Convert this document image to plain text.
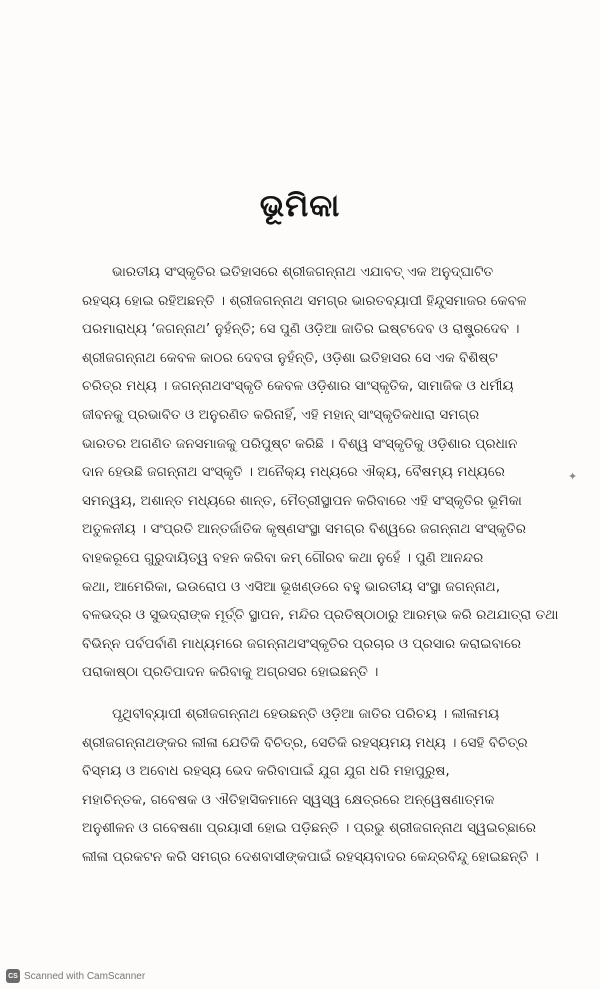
ଭୂମିକା
ଭାରତୀୟ ସଂସ୍କୃତିର ଇତିହାସରେ ଶ୍ରୀଜଗନ୍ନାଥ ଏଯାବତ୍ ଏକ ଅନୁଦ୍‌ଘାଟିତ
ରହସ୍ୟ ହୋଇ ରହିଅଛନ୍ତି । ଶ୍ରୀଜଗନ୍ନାଥ ସମଗ୍ର ଭାରତବ୍ୟାପୀ ହିନ୍ଦୁସମାଜର କେବଳ
ପରମାରାଧ୍ୟ ‘ଜଗନ୍ନାଥ’ ନୁହଁନ୍ତି; ସେ ପୁଣି ଓଡ଼ିଆ ଜାତିର ଇଷ୍ଟଦେବ ଓ ରାଷ୍ଟ୍ରଦେବ ।
ଶ୍ରୀଜଗନ୍ନାଥ କେବଳ କାଠର ଦେବତା ନୁହଁନ୍ତି, ଓଡ଼ିଶା ଇତିହାସର ସେ ଏକ ବିଶିଷ୍ଟ
ଚରିତ୍ର ମଧ୍ୟ । ଜଗନ୍ନାଥସଂସ୍କୃତି କେବଳ ଓଡ଼ିଶାର ସାଂସ୍କୃତିକ, ସାମାଜିକ ଓ ଧର୍ମୀୟ
ଜୀବନକୁ ପ୍ରଭାବିତ ଓ ଅନୁରଣିତ କରିନାହିଁ, ଏହି ମହାନ୍ ସାଂସ୍କୃତିକଧାରା ସମଗ୍ର
ଭାରତର ଅଗଣିତ ଜନସମାଜକୁ ପରିପୁଷ୍ଟ କରିଛି । ବିଶ୍ୱ ସଂସ୍କୃତିକୁ ଓଡ଼ିଶାର ପ୍ରଧାନ
ଦାନ ହେଉଛି ଜଗନ୍ନାଥ ସଂସ୍କୃତି । ଅନୈକ୍ୟ ମଧ୍ୟରେ ଐକ୍ୟ, ବୈଷମ୍ୟ ମଧ୍ୟରେ
ସମନ୍ୱୟ, ଅଶାନ୍ତ ମଧ୍ୟରେ ଶାନ୍ତ, ମୈତ୍ରୀସ୍ଥାପନ କରିବାରେ ଏହି ସଂସ୍କୃତିର ଭୂମିକା
ଅତୁଳନୀୟ । ସଂପ୍ରତି ଆନ୍ତର୍ଜାତିକ କୃଷ୍ଣସଂସ୍ଥା ସମଗ୍ର ବିଶ୍ୱରେ ଜଗନ୍ନାଥ ସଂସ୍କୃତିର
ବାହକରୂପେ ଗୁରୁଦାୟିତ୍ୱ ବହନ କରିବା କମ୍ ଗୌରବ କଥା ନୁହେଁ । ପୁଣି ଆନନ୍ଦର
କଥା, ଆମେରିକା, ଇଉରୋପ ଓ ଏସିଆ ଭୂଖଣ୍ଡରେ ବହୁ ଭାରତୀୟ ସଂସ୍ଥା ଜଗନ୍ନାଥ,
ବଳଭଦ୍ର ଓ ସୁଭଦ୍ରାଙ୍କ ମୂର୍ତ୍ତି ସ୍ଥାପନ, ମନ୍ଦିର ପ୍ରତିଷ୍ଠାଠାରୁ ଆରମ୍ଭ କରି ରଥଯାତ୍ରା ତଥା
ବିଭିନ୍ନ ପର୍ବପର୍ବାଣି ମାଧ୍ୟମରେ ଜଗନ୍ନାଥସଂସ୍କୃତିର ପ୍ରଚାର ଓ ପ୍ରସାର କରାଇବାରେ
ପରାକାଷ୍ଠା ପ୍ରତିପାଦନ କରିବାକୁ ଅଗ୍ରସର ହୋଇଛନ୍ତି ।
ପୃଥିବୀବ୍ୟାପୀ ଶ୍ରୀଜଗନ୍ନାଥ ହେଉଛନ୍ତି ଓଡ଼ିଆ ଜାତିର ପରିଚୟ । ଲୀଳାମୟ
ଶ୍ରୀଜଗନ୍ନାଥଙ୍କର ଲୀଳା ଯେତିକି ବିଚିତ୍ର, ସେତିକି ରହସ୍ୟମୟ ମଧ୍ୟ । ସେହି ବିଚିତ୍ର
ବିସ୍ମୟ ଓ ଅବୋଧ ରହସ୍ୟ ଭେଦ କରିବାପାଇଁ ଯୁଗ ଯୁଗ ଧରି ମହାପୁରୁଷ,
ମହାଚିନ୍ତକ, ଗବେଷକ ଓ ଐତିହାସିକମାନେ ସ୍ୱସ୍ୱ କ୍ଷେତ୍ରରେ ଅନ୍ୱେଷଣାତ୍ମକ
ଅନୁଶୀଳନ ଓ ଗବେଷଣା ପ୍ରୟାସୀ ହୋଇ ପଡ଼ିଛନ୍ତି । ପ୍ରଭୁ ଶ୍ରୀଜଗନ୍ନାଥ ସ୍ୱଇଚ୍ଛାରେ
ଲୀଳା ପ୍ରକଟନ କରି ସମଗ୍ର ଦେଶବାସୀଙ୍କପାଇଁ ରହସ୍ୟବାଦର କେନ୍ଦ୍ରବିନ୍ଦୁ ହୋଇଛନ୍ତି ।
✦
CS Scanned with CamScanner
